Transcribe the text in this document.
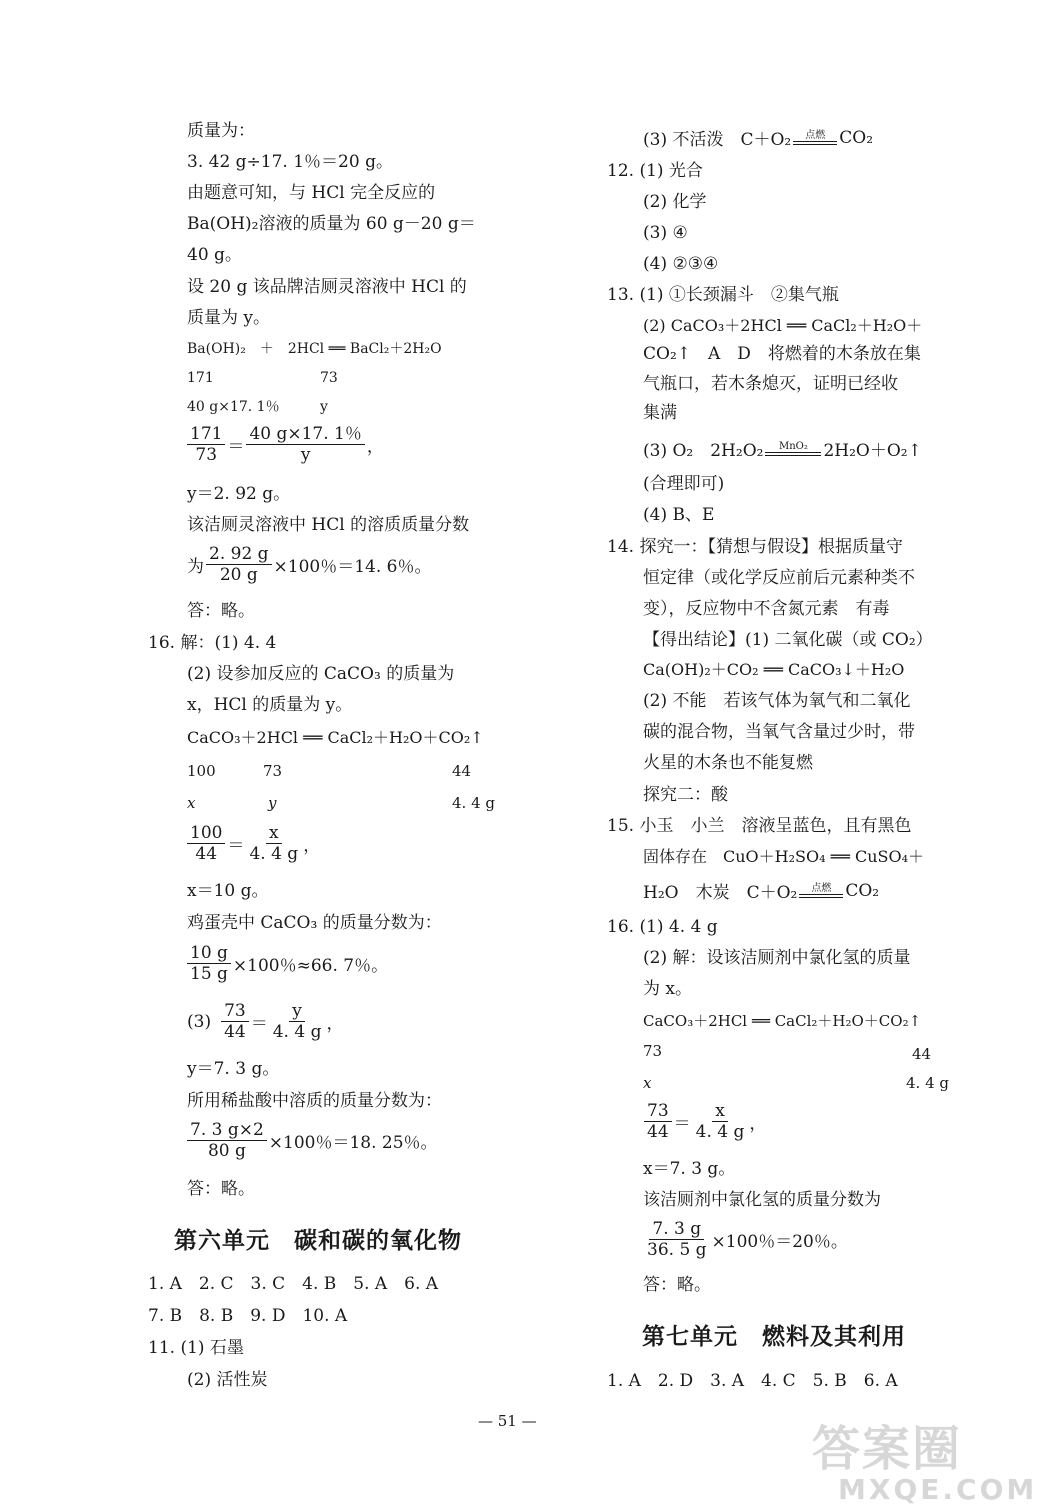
质量为：
3. 42 g÷17. 1％＝20 g。
由题意可知，与 HCl 完全反应的
Ba(OH)₂溶液的质量为 60 g－20 g＝
40 g。
设 20 g 该品牌洁厕灵溶液中 HCl 的
质量为 y。
Ba(OH)₂　＋　2HCl ══ BaCl₂＋2H₂O
171	73
40 g×17. 1％	y
$\frac{171}{73} = \frac{40 g\times 17. 1\%}{y}$ ，
y＝2. 92 g。
该洁厕灵溶液中 HCl 的溶质质量分数
为 $\frac{2. 92 g}{20 g} \times 100$％＝14. 6％。
答：略。
16. 解：(1) 4. 4
(2) 设参加反应的 CaCO₃ 的质量为
x，HCl 的质量为 y。
CaCO₃＋2HCl ══ CaCl₂＋H₂O＋CO₂↑
100	73	44
x	y	4. 4 g
$\frac{100}{44} = \frac{x}{4. 4 g}$ ，
x＝10 g。
鸡蛋壳中 CaCO₃ 的质量分数为：
$\frac{10 g}{15 g} \times 100$％≈66. 7％。
$(3) \frac{73}{44} = \frac{y}{4. 4 g}$ ，
y＝7. 3 g。
所用稀盐酸中溶质的质量分数为：
$\frac{7. 3 g\times 2}{80 g} \times 100$％＝18. 25％。
答：略。
第六单元　碳和碳的氧化物
1. A　2. C　3. C　4. B　5. A　6. A
7. B　8. B　9. D　10. A
11. (1) 石墨
(2) 活性炭
(3) 不活泼　C＋O₂ 点燃 CO₂
12. (1) 光合
(2) 化学
(3) ④
(4) ②③④
13. (1) ①长颈漏斗　②集气瓶
(2) CaCO₃＋2HCl ══ CaCl₂＋H₂O＋
CO₂↑　A　D　将燃着的木条放在集
气瓶口，若木条熄灭，证明已经收
集满
(3) O₂　2H₂O₂ MnO₂ 2H₂O＋O₂↑
(合理即可)
(4) B、E
14. 探究一：【猜想与假设】根据质量守
恒定律（或化学反应前后元素种类不
变），反应物中不含氮元素　有毒
【得出结论】(1) 二氧化碳（或 CO₂）
Ca(OH)₂＋CO₂ ══ CaCO₃↓＋H₂O
(2) 不能　若该气体为氧气和二氧化
碳的混合物，当氧气含量过少时，带
火星的木条也不能复燃
探究二：酸
15. 小玉　小兰　溶液呈蓝色，且有黑色
固体存在　CuO＋H₂SO₄ ══ CuSO₄＋
H₂O　木炭　C＋O₂ 点燃 CO₂
16. (1) 4. 4 g
(2) 解：设该洁厕剂中氯化氢的质量
为 x。
CaCO₃＋2HCl ══ CaCl₂＋H₂O＋CO₂↑
73	44
x	4. 4 g
$\frac{73}{44} = \frac{x}{4. 4 g}$ ，
x＝7. 3 g。
该洁厕剂中氯化氢的质量分数为
$\frac{7. 3 g}{36. 5 g} \times 100$％＝20％。
答：略。
第七单元　燃料及其利用
1. A　2. D　3. A　4. C　5. B　6. A
— 51 —	答案圈
MXQE.COM
